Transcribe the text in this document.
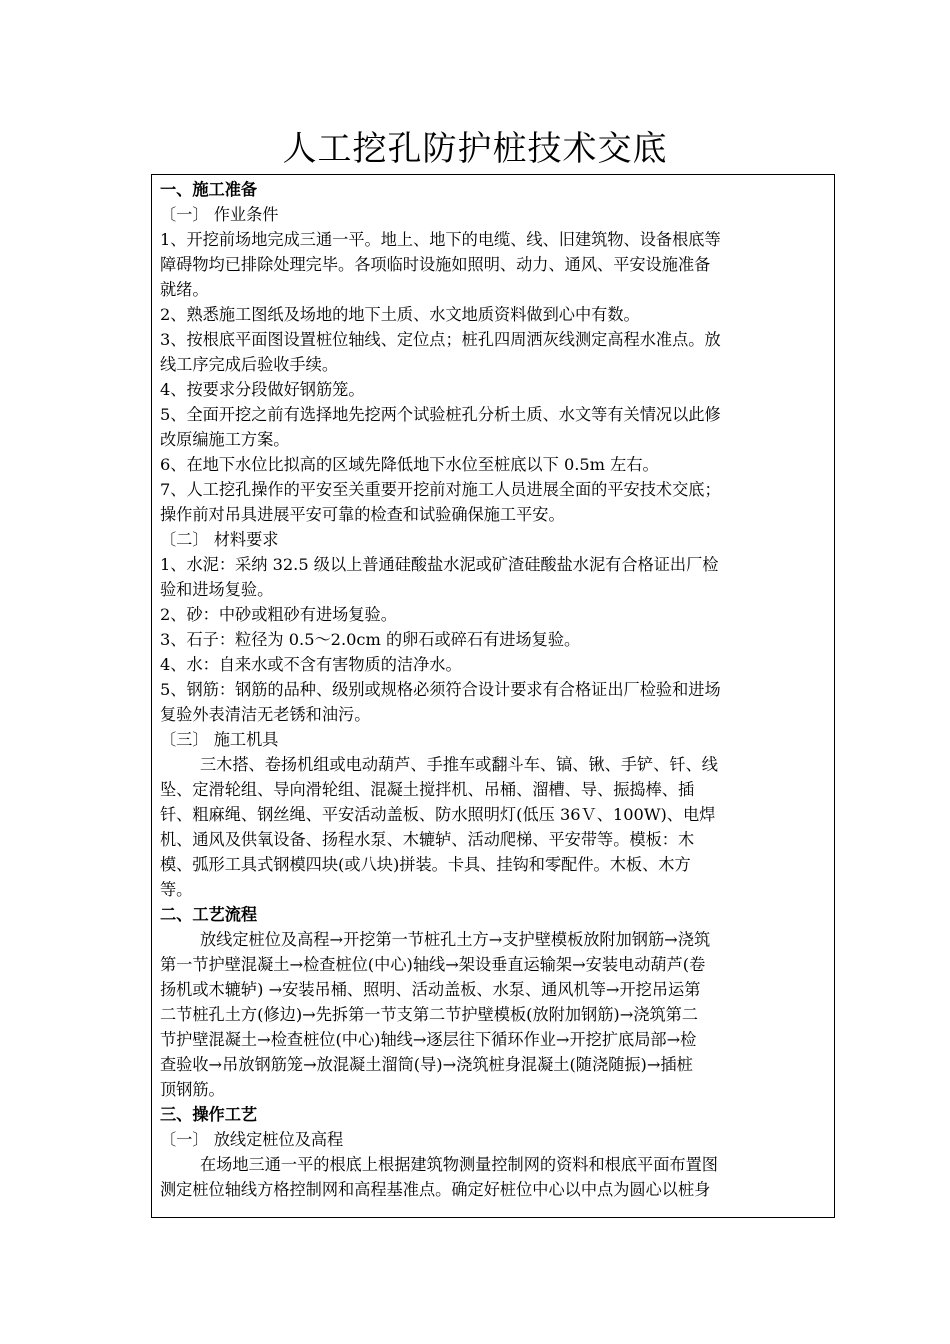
人工挖孔防护桩技术交底
一、施工准备
〔一〕 作业条件
1、开挖前场地完成三通一平。地上、地下的电缆、线、旧建筑物、设备根底等
障碍物均已排除处理完毕。各项临时设施如照明、动力、通风、平安设施准备
就绪。
2、熟悉施工图纸及场地的地下土质、水文地质资料做到心中有数。
3、按根底平面图设置桩位轴线、定位点；桩孔四周洒灰线测定高程水准点。放
线工序完成后验收手续。
4、按要求分段做好钢筋笼。
5、全面开挖之前有选择地先挖两个试验桩孔分析土质、水文等有关情况以此修
改原编施工方案。
6、在地下水位比拟高的区域先降低地下水位至桩底以下 0.5m 左右。
7、人工挖孔操作的平安至关重要开挖前对施工人员进展全面的平安技术交底；
操作前对吊具进展平安可靠的检查和试验确保施工平安。
〔二〕 材料要求
1、水泥：采纳 32.5 级以上普通硅酸盐水泥或矿渣硅酸盐水泥有合格证出厂检
验和进场复验。
2、砂：中砂或粗砂有进场复验。
3、石子：粒径为 0.5～2.0cm 的卵石或碎石有进场复验。
4、水：自来水或不含有害物质的洁净水。
5、钢筋：钢筋的品种、级别或规格必须符合设计要求有合格证出厂检验和进场
复验外表清洁无老锈和油污。
〔三〕 施工机具
三木搭、卷扬机组或电动葫芦、手推车或翻斗车、镐、锹、手铲、钎、线
坠、定滑轮组、导向滑轮组、混凝土搅拌机、吊桶、溜槽、导、振捣棒、插
钎、粗麻绳、钢丝绳、平安活动盖板、防水照明灯(低压 36Ｖ、100W)、电焊
机、通风及供氧设备、扬程水泵、木辘轳、活动爬梯、平安带等。模板：木
模、弧形工具式钢模四块(或八块)拼装。卡具、挂钩和零配件。木板、木方
等。
二、工艺流程
放线定桩位及高程→开挖第一节桩孔土方→支护壁模板放附加钢筋→浇筑
第一节护壁混凝土→检查桩位(中心)轴线→架设垂直运输架→安装电动葫芦(卷
扬机或木辘轳) →安装吊桶、照明、活动盖板、水泵、通风机等→开挖吊运第
二节桩孔土方(修边)→先拆第一节支第二节护壁模板(放附加钢筋)→浇筑第二
节护壁混凝土→检查桩位(中心)轴线→逐层往下循环作业→开挖扩底局部→检
查验收→吊放钢筋笼→放混凝土溜筒(导)→浇筑桩身混凝土(随浇随振)→插桩
顶钢筋。
三、操作工艺
〔一〕 放线定桩位及高程
在场地三通一平的根底上根据建筑物测量控制网的资料和根底平面布置图
测定桩位轴线方格控制网和高程基准点。确定好桩位中心以中点为圆心以桩身
